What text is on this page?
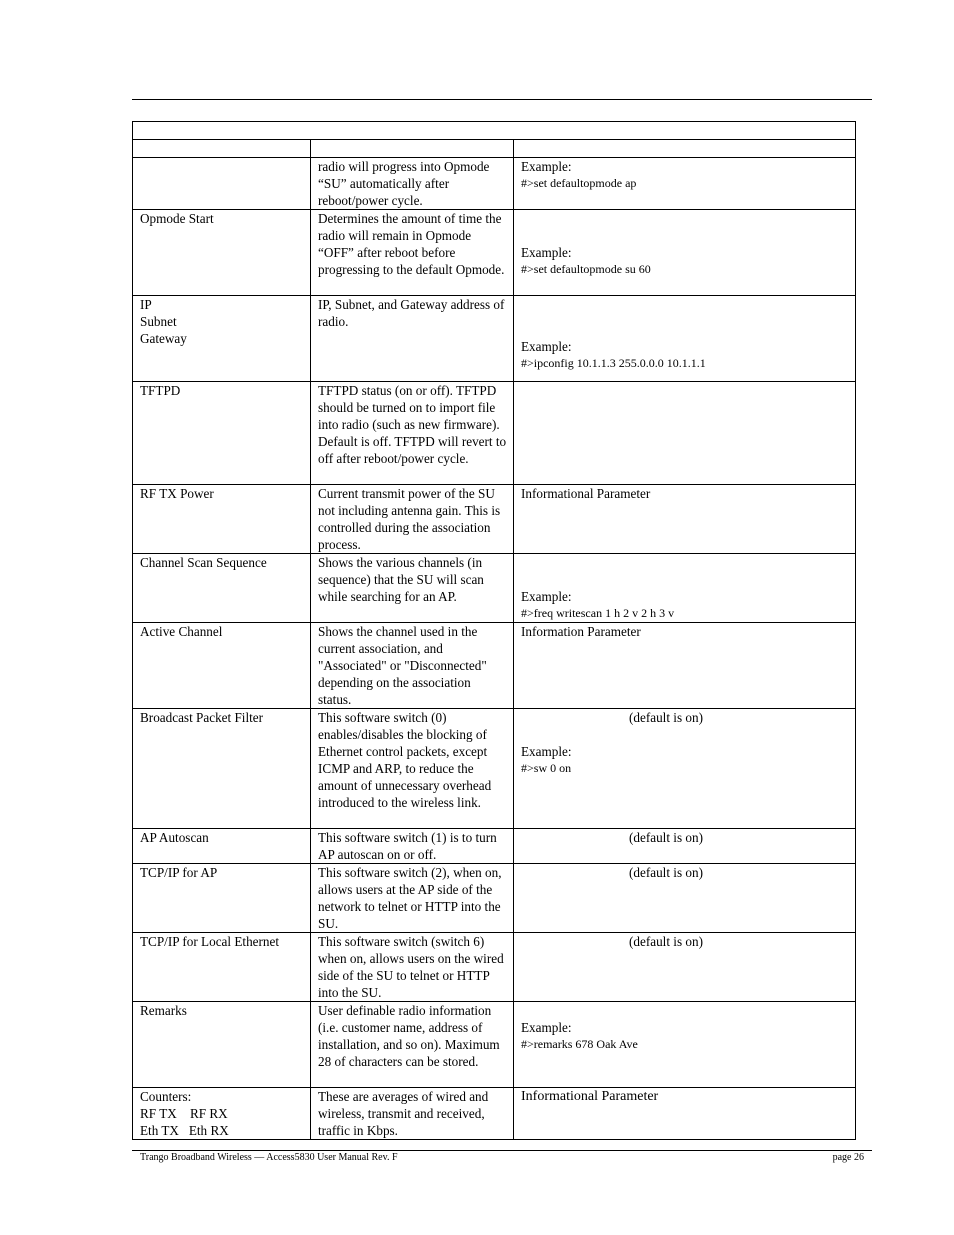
	radio will progress into Opmode “SU” automatically after reboot/power cycle.	Example:
#>set defaultopmode ap

Opmode Start	Determines the amount of time the radio will remain in Opmode “OFF” after reboot before progressing to the default Opmode.	Example:
#>set defaultopmode su 60

IP
Subnet
Gateway	IP, Subnet, and Gateway address of radio.	Example:
#>ipconfig 10.1.1.3 255.0.0.0 10.1.1.1

TFTPD	TFTPD status (on or off). TFTPD should be turned on to import file into radio (such as new firmware). Default is off. TFTPD will revert to off after reboot/power cycle.	

RF TX Power	Current transmit power of the SU not including antenna gain. This is controlled during the association process.	Informational Parameter

Channel Scan Sequence	Shows the various channels (in sequence) that the SU will scan while searching for an AP.	Example:
#>freq writescan 1 h 2 v 2 h 3 v

Active Channel	Shows the channel used in the current association, and "Associated" or "Disconnected" depending on the association status.	Information Parameter

Broadcast Packet Filter	This software switch (0) enables/disables the blocking of Ethernet control packets, except ICMP and ARP, to reduce the amount of unnecessary overhead introduced to the wireless link.	(default is on)
Example:
#>sw 0 on

AP Autoscan	This software switch (1) is to turn AP autoscan on or off.	(default is on)

TCP/IP for AP	This software switch (2), when on, allows users at the AP side of the network to telnet or HTTP into the SU.	(default is on)

TCP/IP for Local Ethernet	This software switch (switch 6) when on, allows users on the wired side of the SU to telnet or HTTP into the SU.	(default is on)

Remarks	User definable radio information (i.e. customer name, address of installation, and so on). Maximum 28 of characters can be stored.	Example:
#>remarks 678 Oak Ave

Counters:
RF TX    RF RX
Eth TX   Eth RX	These are averages of wired and wireless, transmit and received, traffic in Kbps.	Informational Parameter
Trango Broadband Wireless — Access5830 User Manual Rev. F	page 26
